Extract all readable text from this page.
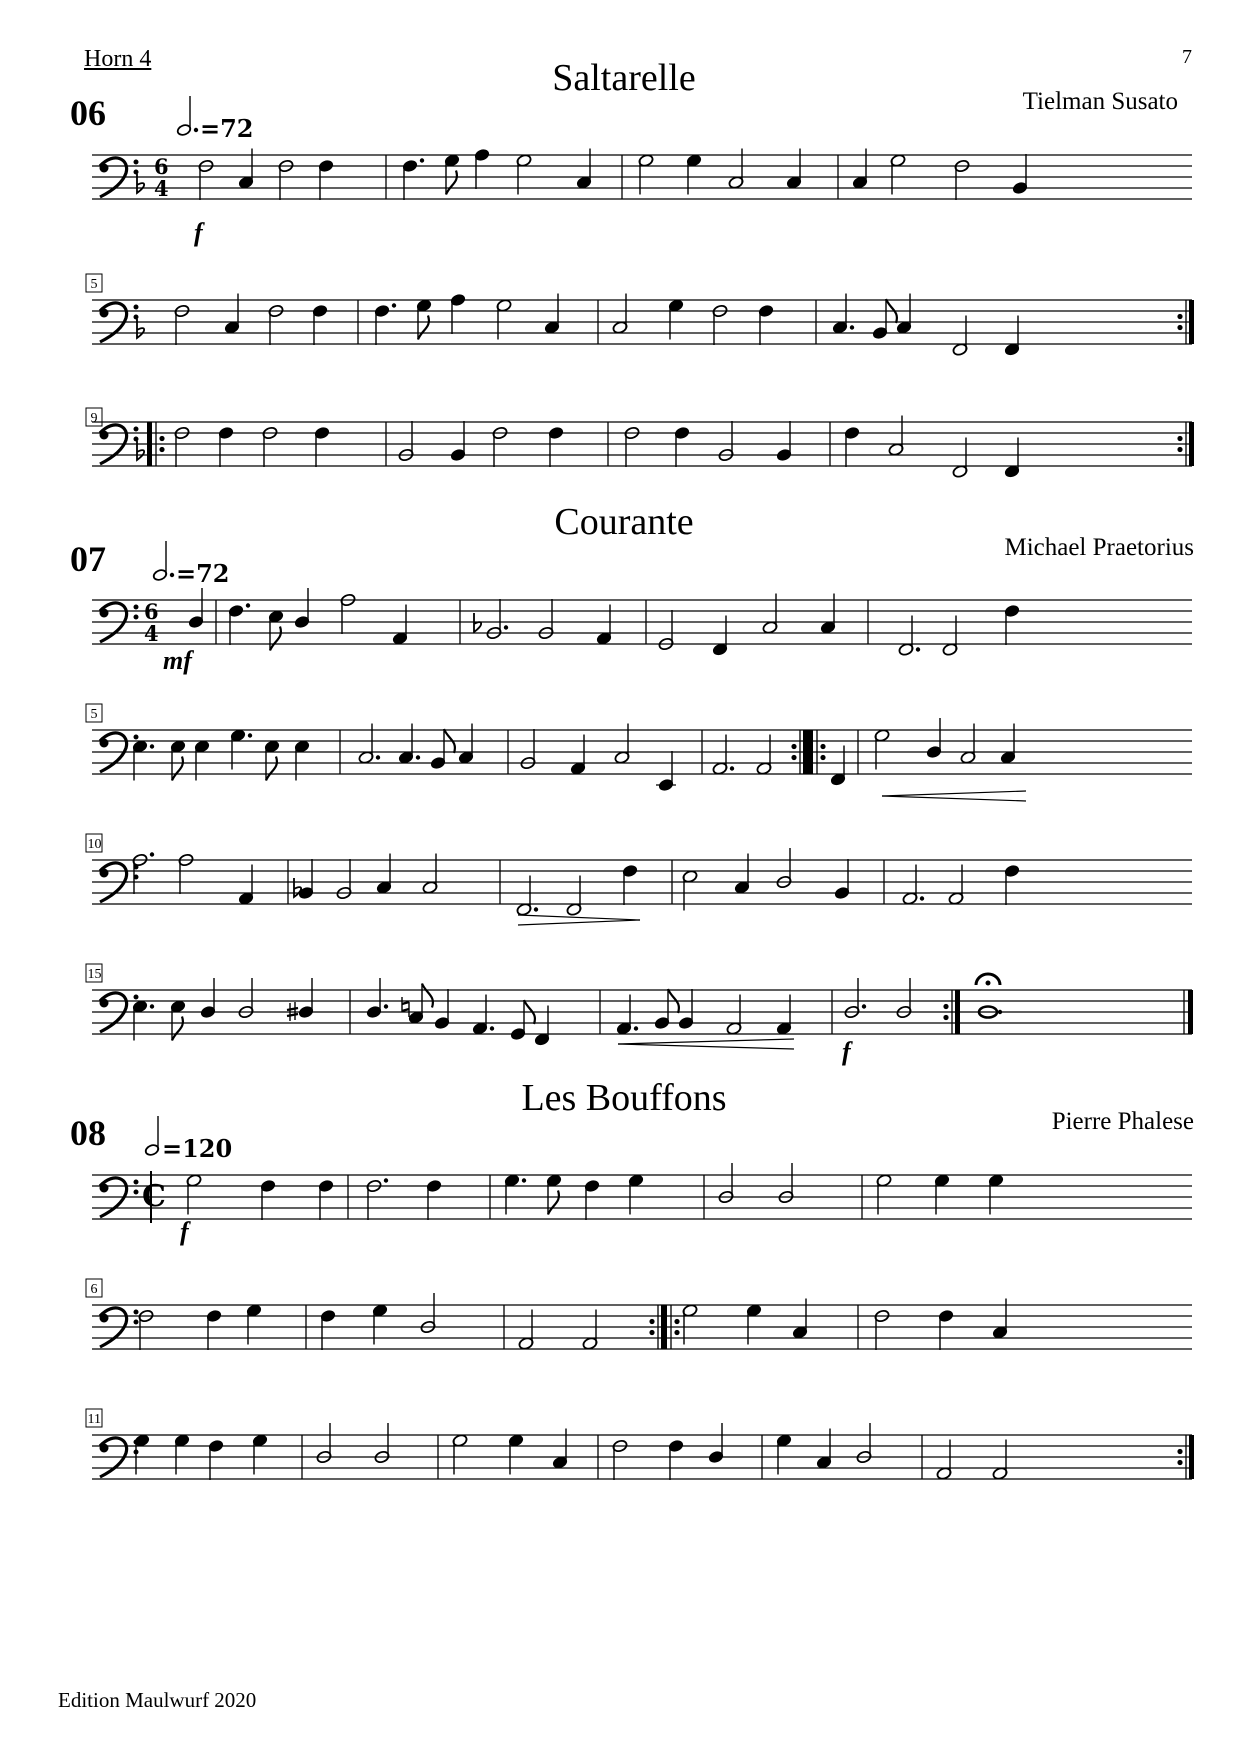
Horn 4	7
Saltarelle
06	Tielman Susato
Courante
07	Michael Praetorius
Les Bouffons
08	Pierre Phalese
Edition Maulwurf 2020
6
4
=72
f
5
9
6
4
=72
mf
5
10
15
f
C
=120
f
6
11
